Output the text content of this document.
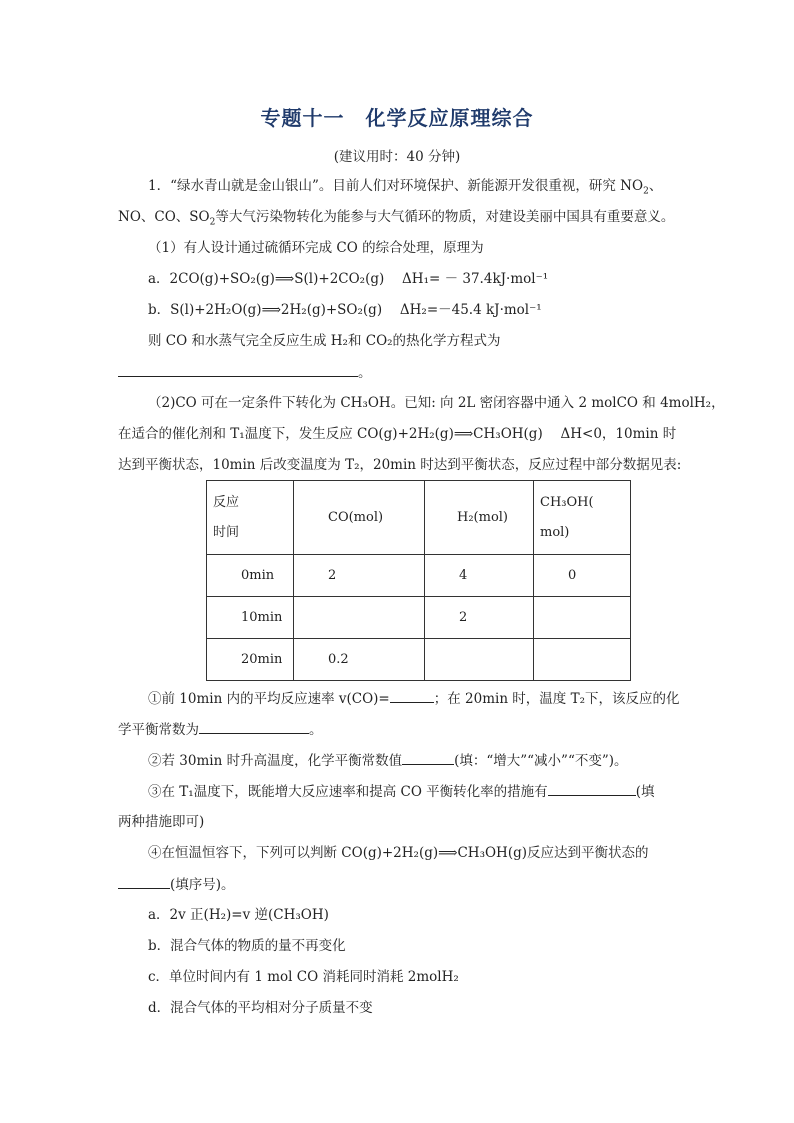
专题十一　化学反应原理综合
(建议用时：40 分钟)
1．“绿水青山就是金山银山”。目前人们对环境保护、新能源开发很重视，研究 $NO_2$、
NO、CO、$SO_2$等大气污染物转化为能参与大气循环的物质，对建设美丽中国具有重要意义。
（1）有人设计通过硫循环完成 CO 的综合处理，原理为
a．2CO(g)+SO₂(g)⟹S(l)+2CO₂(g)　 ΔH₁= － 37.4kJ·mol⁻¹
b．S(l)+2H₂O(g)⟹2H₂(g)+SO₂(g)　 ΔH₂=－45.4 kJ·mol⁻¹
则 CO 和水蒸气完全反应生成 H₂和 CO₂的热化学方程式为
。
（2)CO 可在一定条件下转化为 CH₃OH。已知: 向 2L 密闭容器中通入 2 molCO 和 4molH₂，
在适合的催化剂和 T₁温度下，发生反应 CO(g)+2H₂(g)⟹CH₃OH(g)　 ΔH<0，10min 时
达到平衡状态，10min 后改变温度为 T₂，20min 时达到平衡状态，反应过程中部分数据见表:
反应
时间	CO(mol)	H₂(mol)	CH₃OH(
mol)
0min	2	4	0
10min		2	
20min	0.2		
①前 10min 内的平均反应速率 v(CO)=	；在 20min 时，温度 T₂下，该反应的化
学平衡常数为	。
②若 30min 时升高温度，化学平衡常数值	(填：“增大”“减小”“不变”)。
③在 T₁温度下，既能增大反应速率和提高 CO 平衡转化率的措施有	(填
两种措施即可)
④在恒温恒容下，下列可以判断 CO(g)+2H₂(g)⟹CH₃OH(g)反应达到平衡状态的
(填序号)。
a．2v 正(H₂)=v 逆(CH₃OH)
b．混合气体的物质的量不再变化
c．单位时间内有 1 mol CO 消耗同时消耗 2molH₂
d．混合气体的平均相对分子质量不变
